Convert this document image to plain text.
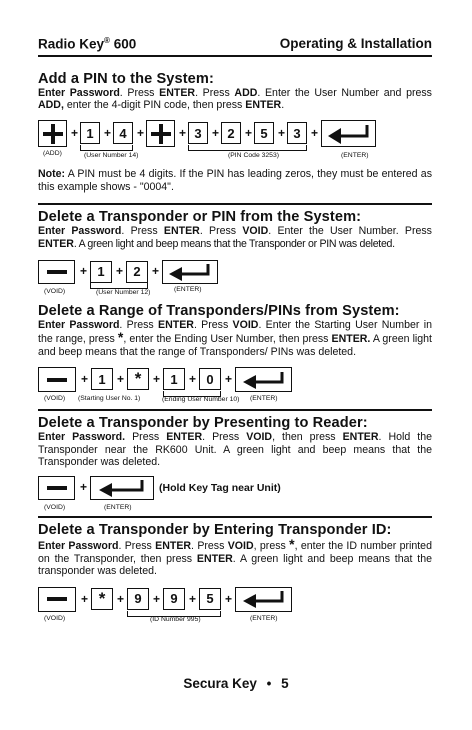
Radio Key® 600	Operating & Installation
Add a PIN to the System:

Enter Password. Press ENTER. Press ADD. Enter the User Number and press ADD, enter the 4-digit PIN code, then press ENTER.

+ 1 + 4 +	+ 3 + 2 + 5 + 3 +
(ADD)	(User Number 14)	(PIN Code 3253)	(ENTER)

Note: A PIN must be 4 digits. If the PIN has leading zeros, they must be entered as this example shows - "0004".

Delete a Transponder or PIN from the System:

Enter Password. Press ENTER. Press VOID. Enter the User Number. Press ENTER. A green light and beep means that the Transponder or PIN was deleted.

+ 1 + 2 +
(VOID)	(User Number 12)	(ENTER)
Delete a Range of Transponders/PINs from System:

Enter Password. Press ENTER. Press VOID. Enter the Starting User Number in the range, press *, enter the Ending User Number, then press ENTER. A green light and beep means that the range of Transponders/ PINs was deleted.

+ 1 + * + 1 + 0 +
(VOID) (Starting User No. 1)	(Ending User Number 10) (ENTER)
Delete a Transponder by Presenting to Reader:

Enter Password. Press ENTER. Press VOID, then press ENTER. Hold the Transponder near the RK600 Unit. A green light and beep means that the Transponder was deleted.

+	(Hold Key Tag near Unit)
(VOID)	(ENTER)
Delete a Transponder by Entering Transponder ID:

Enter Password. Press ENTER. Press VOID, press *, enter the ID number printed on the Transponder, then press ENTER. A green light and beep means that the transponder was deleted.

+ * + 9 + 9 + 5 +
(VOID)	(ID Number 995)	(ENTER)
Secura Key • 5
